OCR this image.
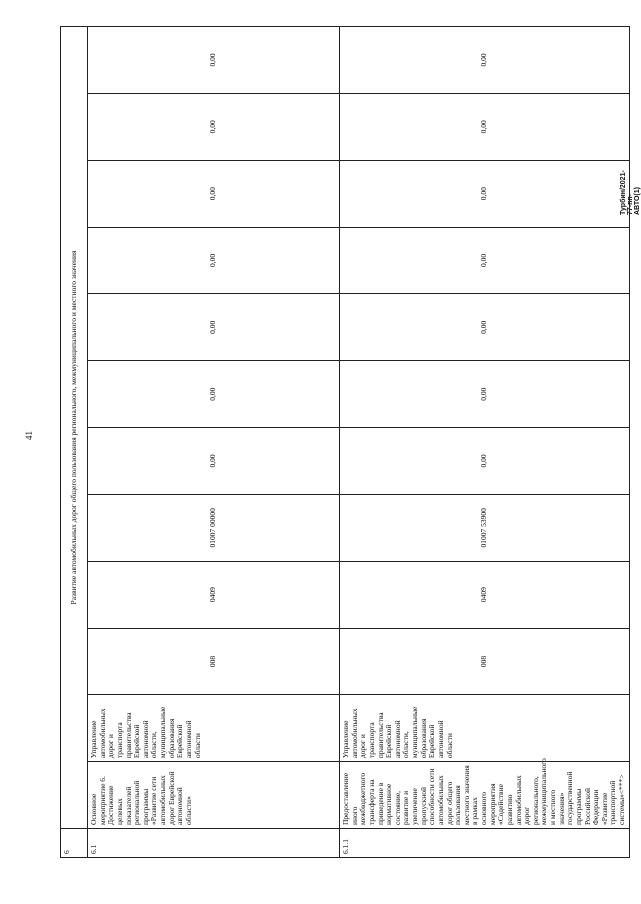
41
Турбин/2021-77-пп-АВТО(1)
6	Развитие автомобильных дорог общего пользования регионального, межмуниципального и местного значения											
6.1	Основное мероприятие 6. Достижение целевых показателей региональной программы «Развитие сети автомобильных дорог Еврейской автономной области»	Управление автомобильных дорог и транспорта правительства Еврейской автономной области, муниципальные образования Еврейской автономной области	008	0409	01007 00000	0,00	0,00	0,00	0,00	0,00	0,00	0,00
6.1.1	Предоставление иного межбюджетного трансферта на приведение в нормативное состояние, развитие и увеличение пропускной способности сети автомобильных дорог общего пользования местного значения в рамках основного мероприятия «Содействие развитию автомобильных дорог регионального, межмуниципального и местного значения» государственной программы Российской Федерации «Развитие транспортной системы»<***>	Управление автомобильных дорог и транспорта правительства Еврейской автономной области, муниципальные образования Еврейской автономной области	008	0409	01007 53900	0,00	0,00	0,00	0,00	0,00	0,00	0,00
